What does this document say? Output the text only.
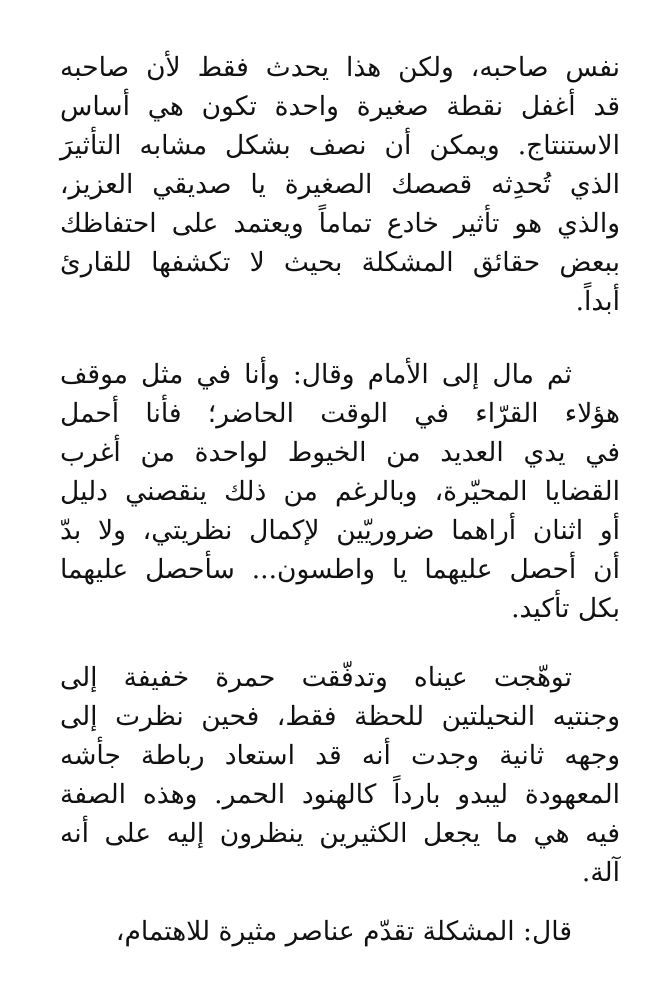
نفس صاحبه، ولكن هذا يحدث فقط لأن صاحبه
قد أغفل نقطة صغيرة واحدة تكون هي أساس
الاستنتاج. ويمكن أن نصف بشكل مشابه التأثيرَ
الذي تُحدِثه قصصك الصغيرة يا صديقي العزيز،
والذي هو تأثير خادع تماماً ويعتمد على احتفاظك
ببعض حقائق المشكلة بحيث لا تكشفها للقارئ
أبداً.

ثم مال إلى الأمام وقال: وأنا في مثل موقف
هؤلاء القرّاء في الوقت الحاضر؛ فأنا أحمل
في يدي العديد من الخيوط لواحدة من أغرب
القضايا المحيّرة، وبالرغم من ذلك ينقصني دليل
أو اثنان أراهما ضروريّين لإكمال نظريتي، ولا بدّ
أن أحصل عليهما يا واطسون... سأحصل عليهما
بكل تأكيد.

توهّجت عيناه وتدفّقت حمرة خفيفة إلى
وجنتيه النحيلتين للحظة فقط، فحين نظرت إلى
وجهه ثانية وجدت أنه قد استعاد رباطة جأشه
المعهودة ليبدو بارداً كالهنود الحمر. وهذه الصفة
فيه هي ما يجعل الكثيرين ينظرون إليه على أنه
آلة.

قال: المشكلة تقدّم عناصر مثيرة للاهتمام،
